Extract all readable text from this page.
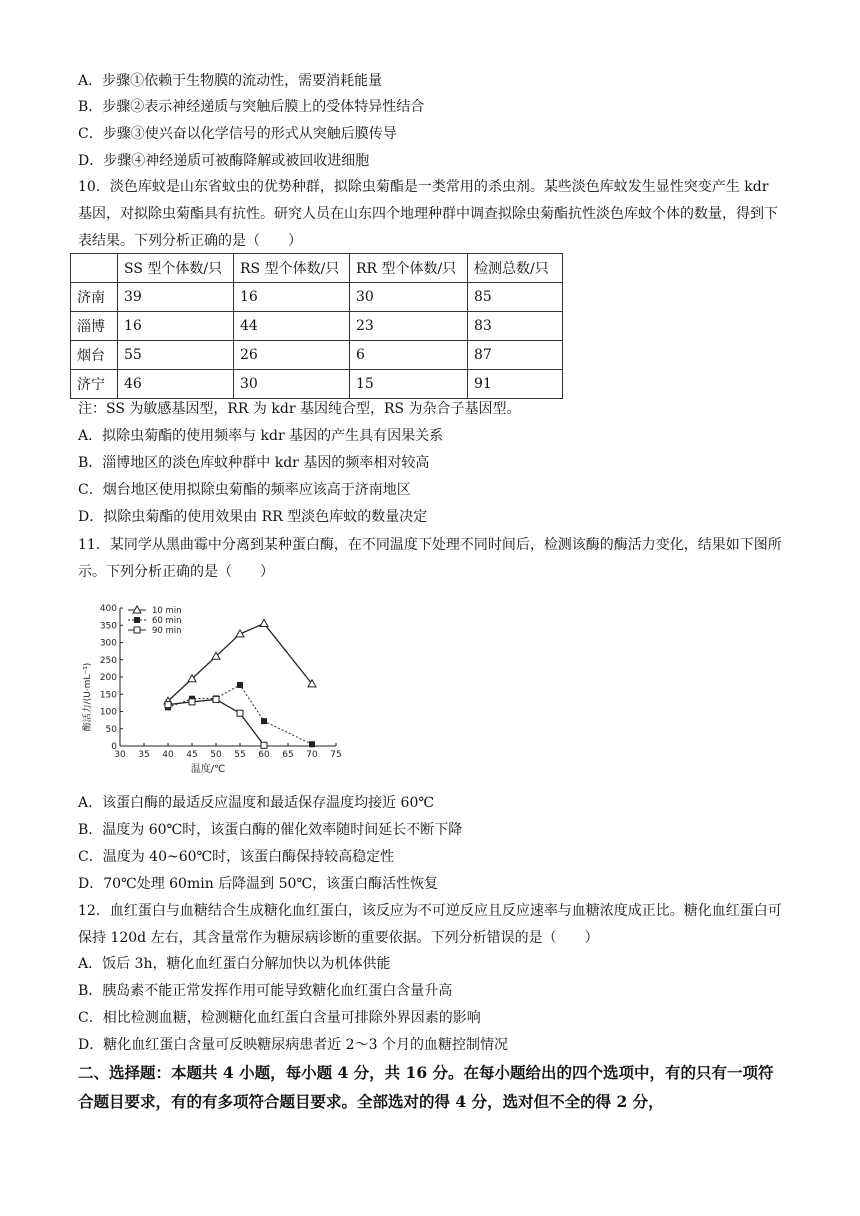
A．步骤①依赖于生物膜的流动性，需要消耗能量
B．步骤②表示神经递质与突触后膜上的受体特异性结合
C．步骤③使兴奋以化学信号的形式从突触后膜传导
D．步骤④神经递质可被酶降解或被回收进细胞
10．淡色库蚊是山东省蚊虫的优势种群，拟除虫菊酯是一类常用的杀虫剂。某些淡色库蚊发生显性突变产生 kdr 基因，对拟除虫菊酯具有抗性。研究人员在山东四个地理种群中调查拟除虫菊酯抗性淡色库蚊个体的数量，得到下表结果。下列分析正确的是（　　）
	SS 型个体数/只	RS 型个体数/只	RR 型个体数/只	检测总数/只
济南	39	16	30	85
淄博	16	44	23	83
烟台	55	26	6	87
济宁	46	30	15	91
注：SS 为敏感基因型，RR 为 kdr 基因纯合型，RS 为杂合子基因型。
A．拟除虫菊酯的使用频率与 kdr 基因的产生具有因果关系
B．淄博地区的淡色库蚊种群中 kdr 基因的频率相对较高
C．烟台地区使用拟除虫菊酯的频率应该高于济南地区
D．拟除虫菊酯的使用效果由 RR 型淡色库蚊的数量决定
11．某同学从黑曲霉中分离到某种蛋白酶，在不同温度下处理不同时间后，检测该酶的酶活力变化，结果如下图所示。下列分析正确的是（　　）
30 35 40 45 50 55 60 65 70 75
0
50
100
150
200
250
300
350
400
温度/℃
酶活力/(U·mL⁻¹)
10 min
60 min
90 min
A．该蛋白酶的最适反应温度和最适保存温度均接近 60℃
B．温度为 60℃时，该蛋白酶的催化效率随时间延长不断下降
C．温度为 40~60℃时，该蛋白酶保持较高稳定性
D．70℃处理 60min 后降温到 50℃，该蛋白酶活性恢复
12．血红蛋白与血糖结合生成糖化血红蛋白，该反应为不可逆反应且反应速率与血糖浓度成正比。糖化血红蛋白可保持 120d 左右，其含量常作为糖尿病诊断的重要依据。下列分析错误的是（　　）
A．饭后 3h，糖化血红蛋白分解加快以为机体供能
B．胰岛素不能正常发挥作用可能导致糖化血红蛋白含量升高
C．相比检测血糖，检测糖化血红蛋白含量可排除外界因素的影响
D．糖化血红蛋白含量可反映糖尿病患者近 2～3 个月的血糖控制情况
二、选择题：本题共 4 小题，每小题 4 分，共 16 分。在每小题给出的四个选项中，有的只有一项符合题目要求，有的有多项符合题目要求。全部选对的得 4 分，选对但不全的得 2 分，
